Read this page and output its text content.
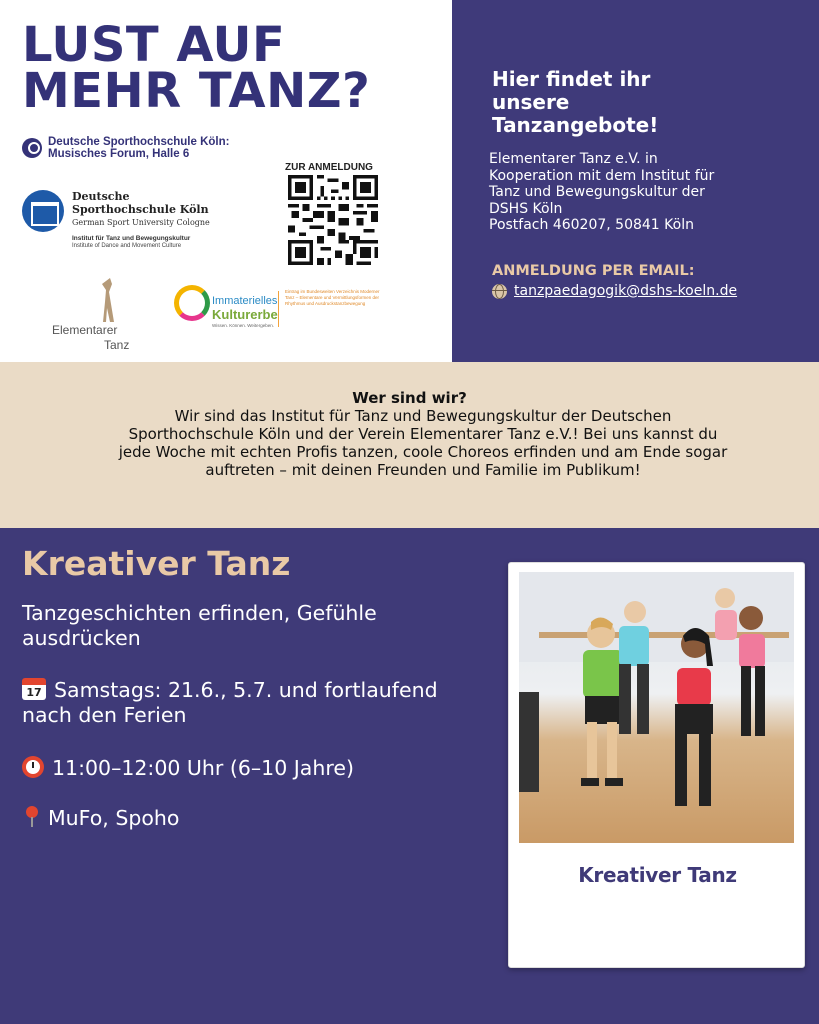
LUST AUF
MEHR TANZ?
Deutsche Sporthochschule Köln:
Musisches Forum, Halle 6
Deutsche
Sporthochschule Köln
German Sport University Cologne
Institut für Tanz und Bewegungskultur
Institute of Dance and Movement Culture
ZUR ANMELDUNG
Elementarer
Tanz
Immaterielles
Kulturerbe
Wissen. Können. Weitergeben.
Eintrag im Bundesweiten Verzeichnis Moderner Tanz – Elementare und Vermittlungsformen der Rhythmus und Ausdruckstanzbewegung
Hier findet ihr
unsere
Tanzangebote!
Elementarer Tanz e.V. in
Kooperation mit dem Institut für
Tanz und Bewegungskultur der
DSHS Köln
Postfach 460207, 50841 Köln
ANMELDUNG PER EMAIL:
tanzpaedagogik@dshs-koeln.de
Wer sind wir?
Wir sind das Institut für Tanz und Bewegungskultur der Deutschen
Sporthochschule Köln und der Verein Elementarer Tanz e.V.! Bei uns kannst du
jede Woche mit echten Profis tanzen, coole Choreos erfinden und am Ende sogar
auftreten – mit deinen Freunden und Familie im Publikum!
Kreativer Tanz
Tanzgeschichten erfinden, Gefühle
ausdrücken
17Samstags: 21.6., 5.7. und fortlaufend
nach den Ferien
11:00–12:00 Uhr (6–10 Jahre)
MuFo, Spoho
Kreativer Tanz
